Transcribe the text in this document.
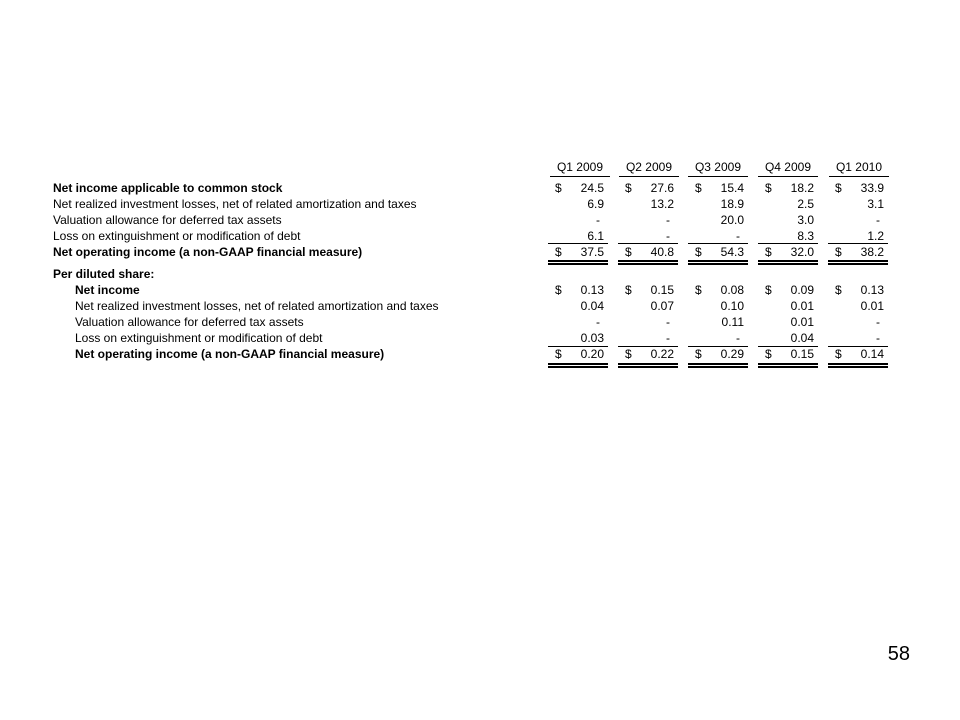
Q1 2009	Q2 2009	Q3 2009	Q4 2009	Q1 2010
Net income applicable to common stock	$	24.5 $	27.6 $	15.4 $	18.2 $	33.9
Net realized investment losses, net of related amortization and taxes	6.9	13.2	18.9	2.5	3.1
Valuation allowance for deferred tax assets	-	-	20.0	3.0	-
Loss on extinguishment or modification of debt	6.1	-	-	8.3	1.2
Net operating income (a non-GAAP financial measure)	$	37.5 $	40.8 $	54.3 $	32.0 $	38.2
Per diluted share:
Net income	$	0.13 $	0.15 $	0.08 $	0.09 $	0.13
Net realized investment losses, net of related amortization and taxes	0.04	0.07	0.10	0.01	0.01
Valuation allowance for deferred tax assets	-	-	0.11	0.01	-
Loss on extinguishment or modification of debt	0.03	-	-	0.04	-
Net operating income (a non-GAAP financial measure)	$	0.20 $	0.22 $	0.29 $	0.15 $	0.14
58
